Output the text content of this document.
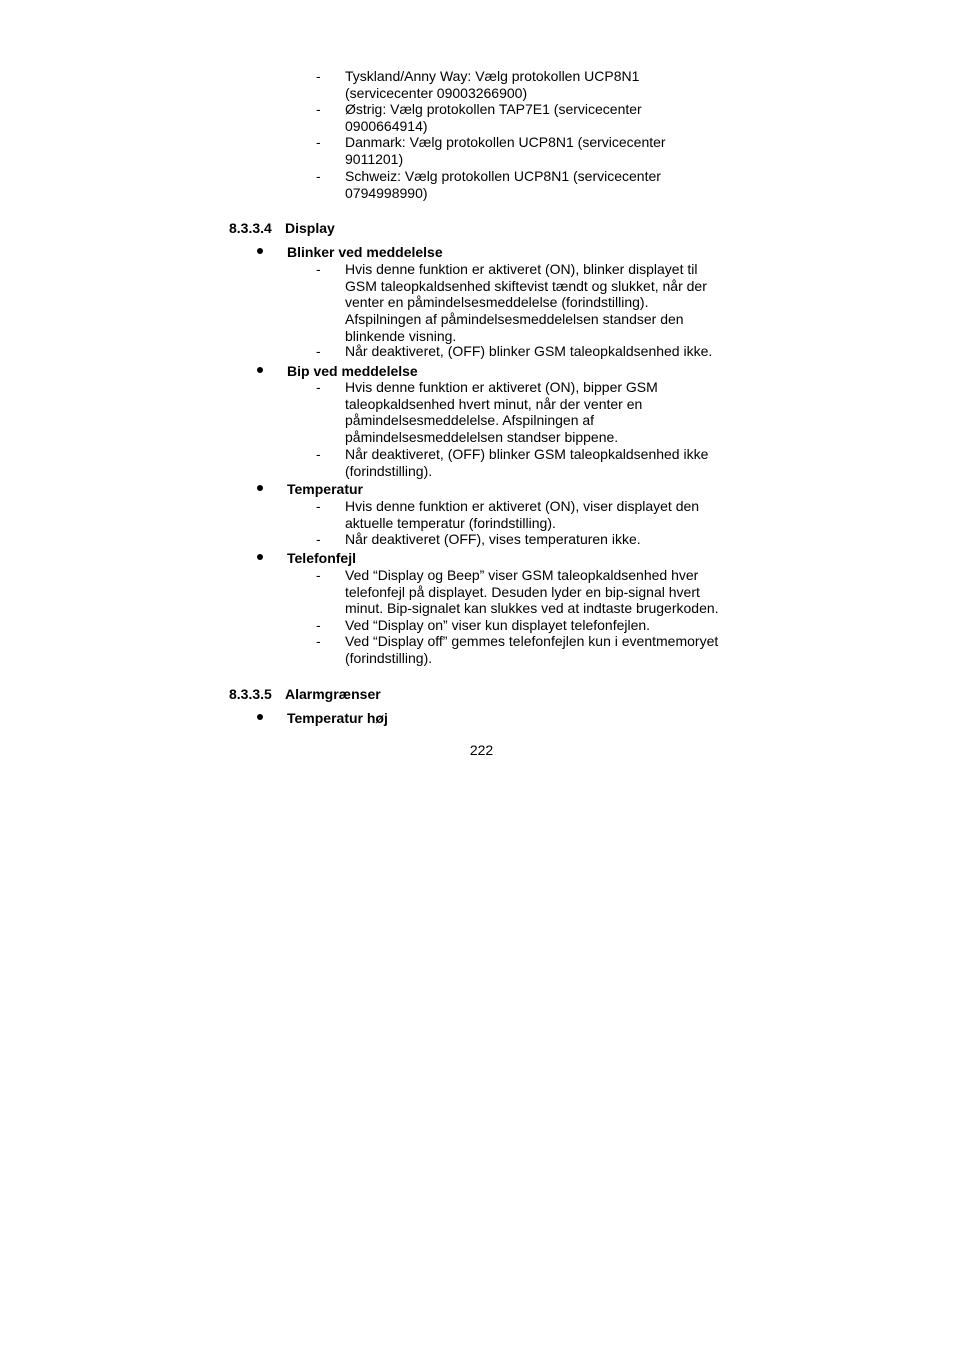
- Tyskland/Anny Way: Vælg protokollen UCP8N1 (servicecenter 09003266900)
- Østrig: Vælg protokollen TAP7E1 (servicecenter 0900664914)
- Danmark: Vælg protokollen UCP8N1 (servicecenter 9011201)
- Schweiz: Vælg protokollen UCP8N1 (servicecenter 0794998990)
8.3.3.4 Display
Blinker ved meddelelse
- Hvis denne funktion er aktiveret (ON), blinker displayet til GSM taleopkaldsenhed skiftevist tændt og slukket, når der venter en påmindelsesmeddelelse (forindstilling). Afspilningen af påmindelsesmeddelelsen standser den blinkende visning.
- Når deaktiveret, (OFF) blinker GSM taleopkaldsenhed ikke.
Bip ved meddelelse
- Hvis denne funktion er aktiveret (ON), bipper GSM taleopkaldsenhed hvert minut, når der venter en påmindelsesmeddelelse. Afspilningen af påmindelsesmeddelelsen standser bippene.
- Når deaktiveret, (OFF) blinker GSM taleopkaldsenhed ikke (forindstilling).
Temperatur
- Hvis denne funktion er aktiveret (ON), viser displayet den aktuelle temperatur (forindstilling).
- Når deaktiveret (OFF), vises temperaturen ikke.
Telefonfejl
- Ved “Display og Beep” viser GSM taleopkaldsenhed hver telefonfejl på displayet. Desuden lyder en bip-signal hvert minut. Bip-signalet kan slukkes ved at indtaste brugerkoden.
- Ved “Display on” viser kun displayet telefonfejlen.
- Ved “Display off” gemmes telefonfejlen kun i eventmemoryet (forindstilling).
8.3.3.5 Alarmgrænser
Temperatur høj
222
